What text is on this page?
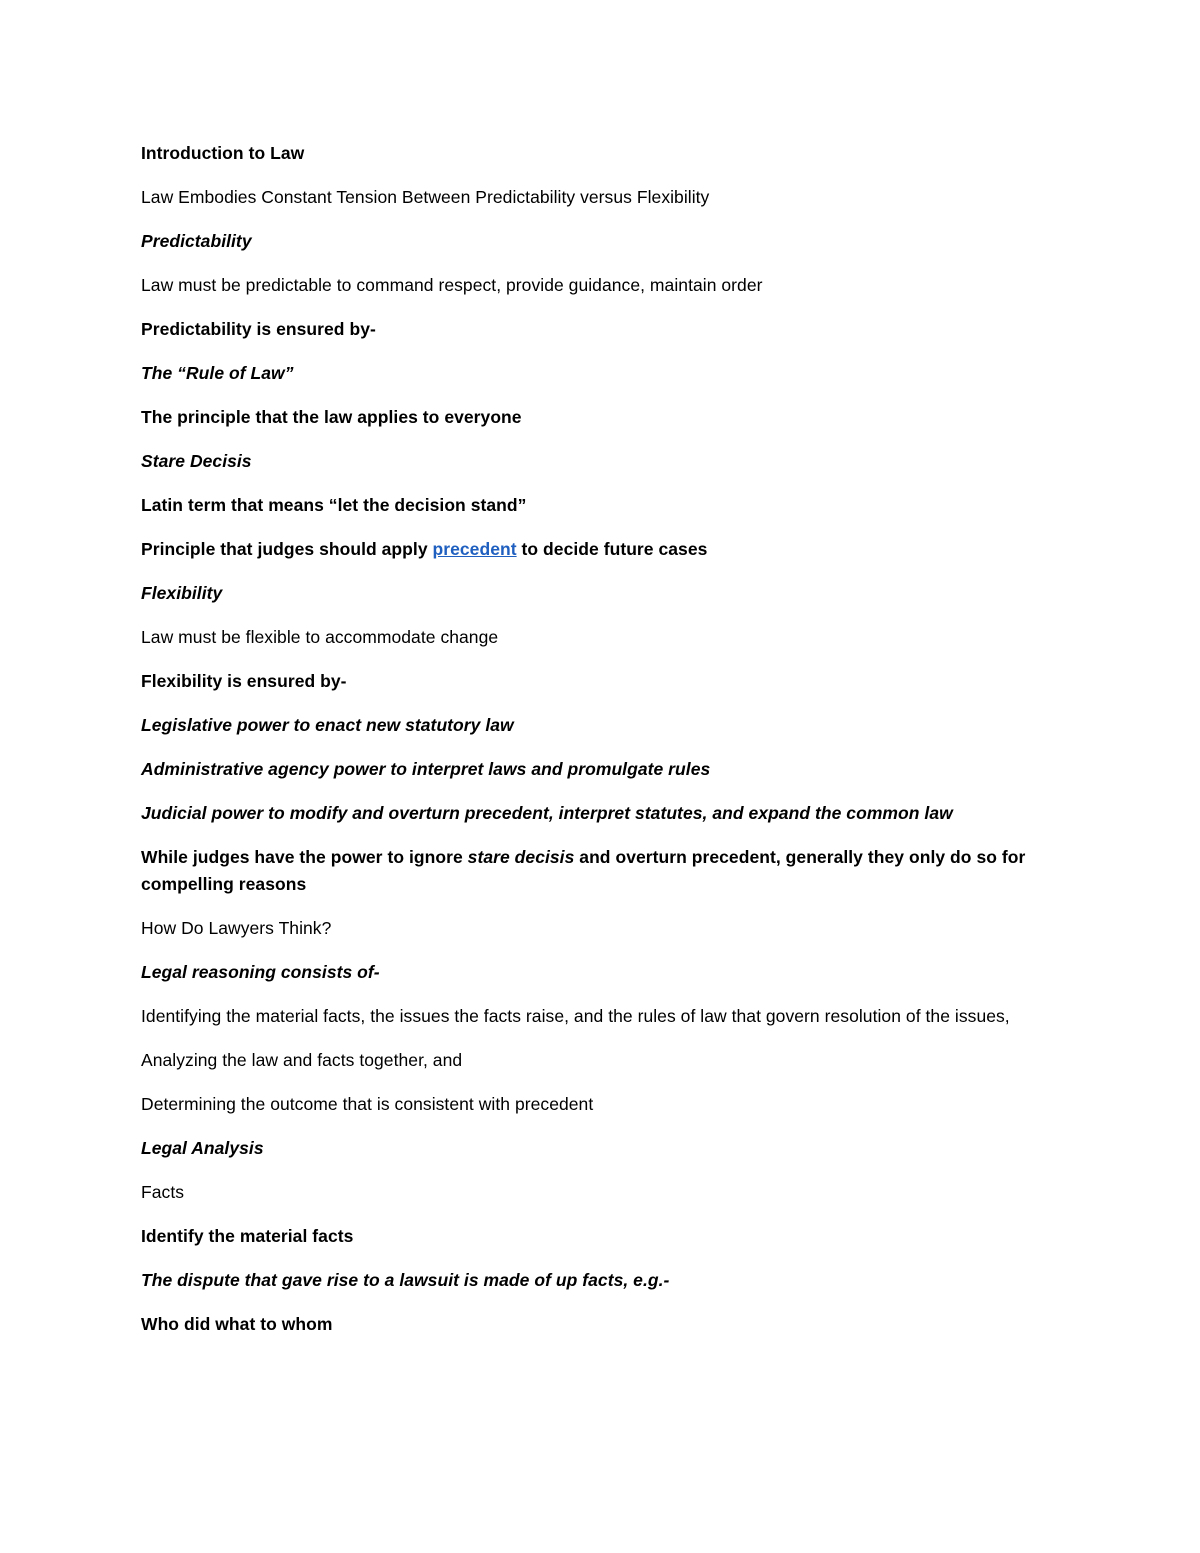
Introduction to Law

Law Embodies Constant Tension Between Predictability versus Flexibility

Predictability

Law must be predictable to command respect, provide guidance, maintain order

Predictability is ensured by-

The “Rule of Law”

The principle that the law applies to everyone

Stare Decisis

Latin term that means “let the decision stand”

Principle that judges should apply precedent to decide future cases

Flexibility

Law must be flexible to accommodate change

Flexibility is ensured by-

Legislative power to enact new statutory law

Administrative agency power to interpret laws and promulgate rules

Judicial power to modify and overturn precedent, interpret statutes, and expand the common law

While judges have the power to ignore stare decisis and overturn precedent, generally they only do so for compelling reasons

How Do Lawyers Think?

Legal reasoning consists of-

Identifying the material facts, the issues the facts raise, and the rules of law that govern resolution of the issues,

Analyzing the law and facts together, and

Determining the outcome that is consistent with precedent

Legal Analysis

Facts

Identify the material facts

The dispute that gave rise to a lawsuit is made of up facts, e.g.-

Who did what to whom
